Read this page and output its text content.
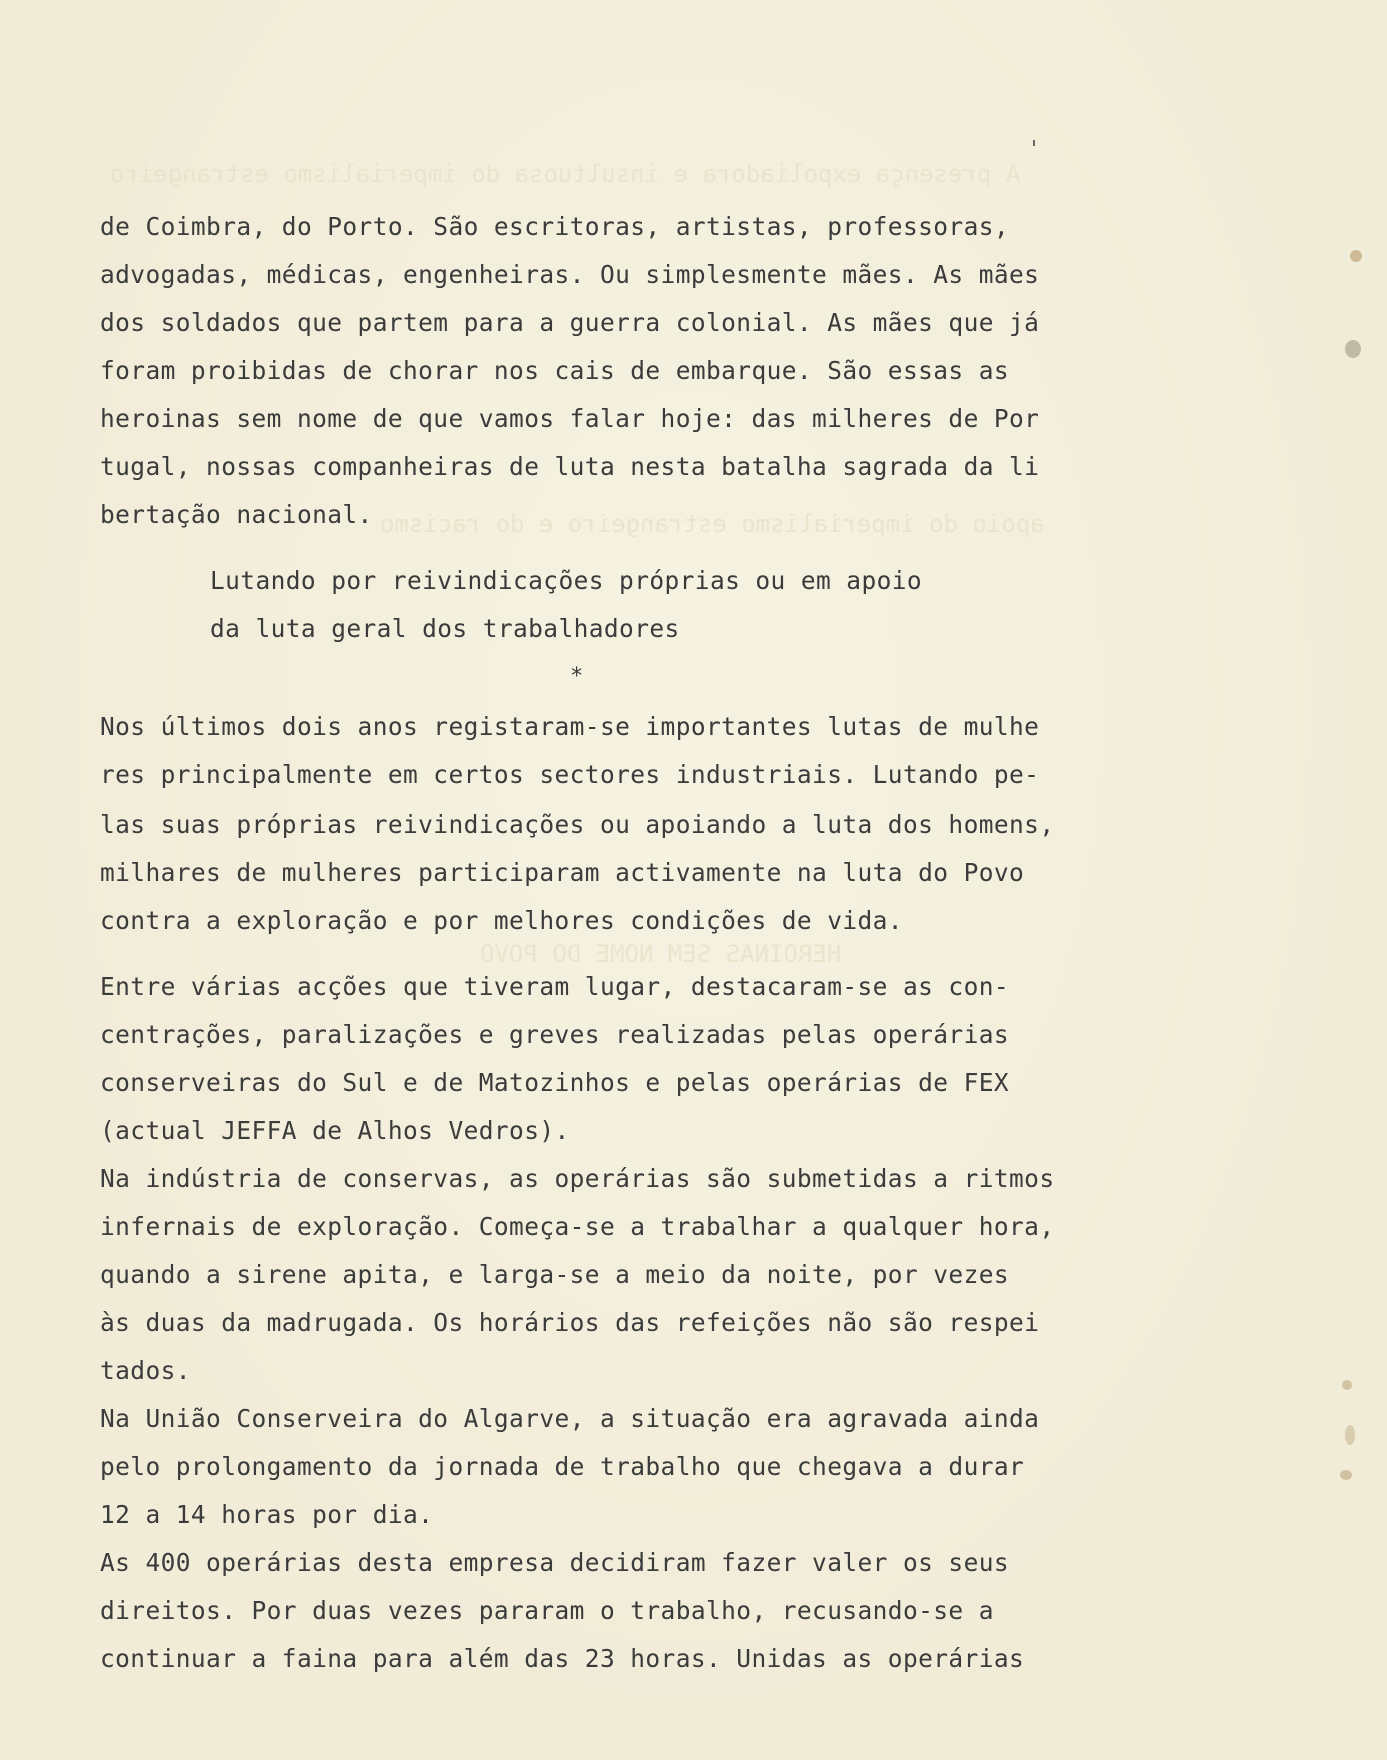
A presença expoliadora e insultuosa do imperialismo estrangeiro
apoio do imperialismo estrangeiro e do racismo
HEROINAS SEM NOME DO POVO
de Coimbra, do Porto. São escritoras, artistas, professoras,
advogadas, médicas, engenheiras. Ou simplesmente mães. As mães
dos soldados que partem para a guerra colonial. As mães que já
foram proibidas de chorar nos cais de embarque. São essas as
heroinas sem nome de que vamos falar hoje: das milheres de Por
tugal, nossas companheiras de luta nesta batalha sagrada da li
bertação nacional.
Lutando por reivindicações próprias ou em apoio
da luta geral dos trabalhadores
*
Nos últimos dois anos registaram-se importantes lutas de mulhe
res principalmente em certos sectores industriais. Lutando pe-
las suas próprias reivindicações ou apoiando a luta dos homens,
milhares de mulheres participaram activamente na luta do Povo
contra a exploração e por melhores condições de vida.
Entre várias acções que tiveram lugar, destacaram-se as con-
centrações, paralizações e greves realizadas pelas operárias
conserveiras do Sul e de Matozinhos e pelas operárias de FEX
(actual JEFFA de Alhos Vedros).
Na indústria de conservas, as operárias são submetidas a ritmos
infernais de exploração. Começa-se a trabalhar a qualquer hora,
quando a sirene apita, e larga-se a meio da noite, por vezes
às duas da madrugada. Os horários das refeições não são respei
tados.
Na União Conserveira do Algarve, a situação era agravada ainda
pelo prolongamento da jornada de trabalho que chegava a durar
12 a 14 horas por dia.
As 400 operárias desta empresa decidiram fazer valer os seus
direitos. Por duas vezes pararam o trabalho, recusando-se a
continuar a faina para além das 23 horas. Unidas as operárias
